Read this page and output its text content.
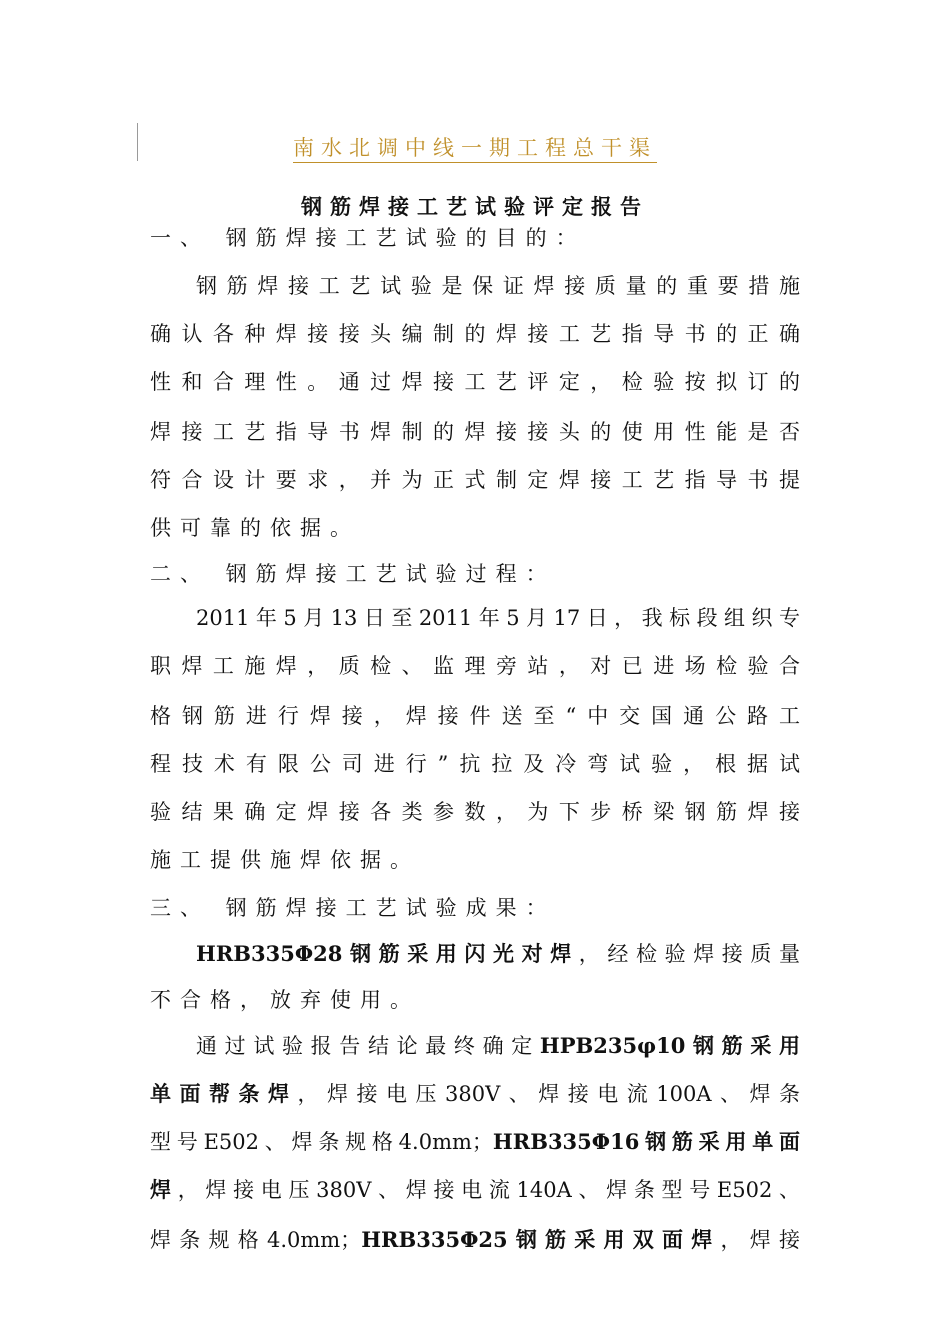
南水北调中线一期工程总干渠
钢筋焊接工艺试验评定报告
一、 钢筋焊接工艺试验的目的：
钢筋焊接工艺试验是保证焊接质量的重要措施
确认各种焊接接头编制的焊接工艺指导书的正确
性和合理性。通过焊接工艺评定，检验按拟订的
焊接工艺指导书焊制的焊接接头的使用性能是否
符合设计要求，并为正式制定焊接工艺指导书提
供可靠的依据。
二、 钢筋焊接工艺试验过程：
2011年5月13日至2011年5月17日，我标段组织专
职焊工施焊，质检、监理旁站，对已进场检验合
格钢筋进行焊接，焊接件送至“中交国通公路工
程技术有限公司进行”抗拉及冷弯试验，根据试
验结果确定焊接各类参数，为下步桥梁钢筋焊接
施工提供施焊依据。
三、 钢筋焊接工艺试验成果：
HRB335Φ28钢筋采用闪光对焊，经检验焊接质量
不合格，放弃使用。
通过试验报告结论最终确定HPB235φ10钢筋采用
单面帮条焊，焊接电压380V、焊接电流100A、焊条
型号E502、焊条规格4.0mm；HRB335Φ16钢筋采用单面
焊，焊接电压380V、焊接电流140A、焊条型号E502、
焊条规格4.0mm；HRB335Φ25钢筋采用双面焊，焊接
